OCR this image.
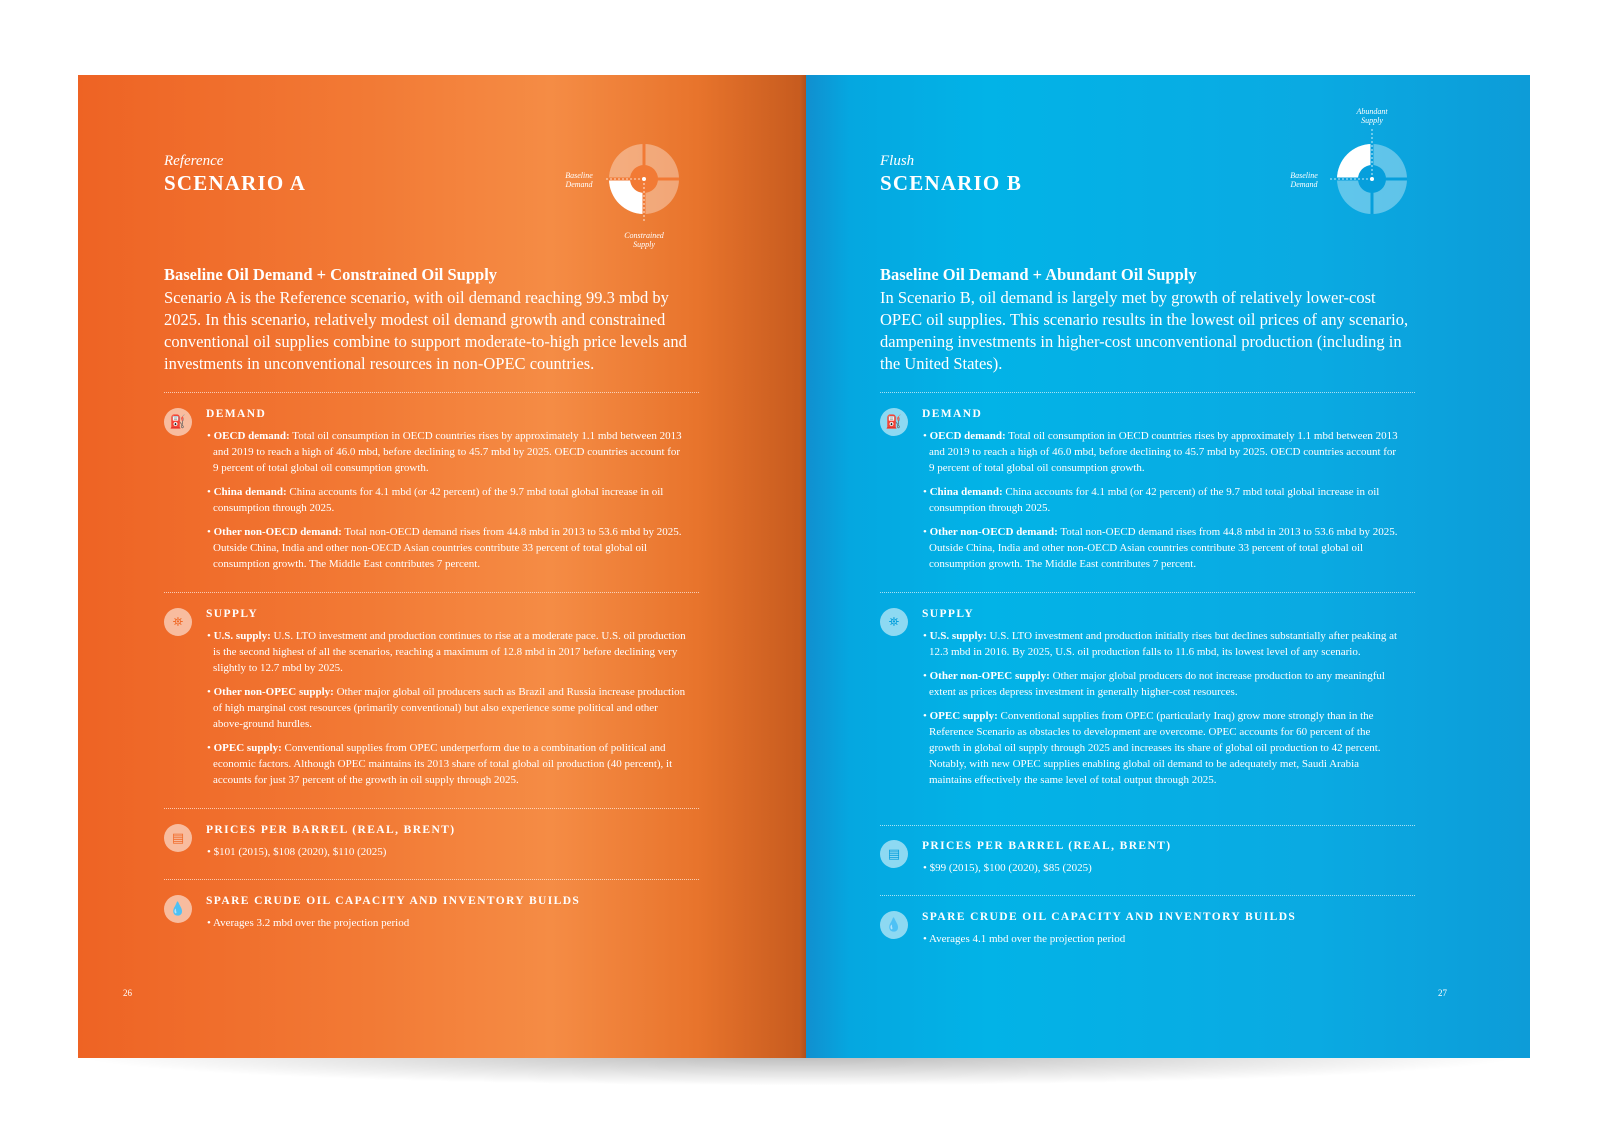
Reference
SCENARIO A	Baseline Demand
Constrained Supply
Baseline Oil Demand + Constrained Oil Supply
Scenario A is the Reference scenario, with oil demand reaching 99.3 mbd by 2025. In this scenario, relatively modest oil demand growth and constrained conventional oil supplies combine to support moderate-to-high price levels and investments in unconventional resources in non-OPEC countries.
⛽	DEMAND
• OECD demand: Total oil consumption in OECD countries rises by approximately 1.1 mbd between 2013 and 2019 to reach a high of 46.0 mbd, before declining to 45.7 mbd by 2025. OECD countries account for 9 percent of total global oil consumption growth.
• China demand: China accounts for 4.1 mbd (or 42 percent) of the 9.7 mbd total global increase in oil consumption through 2025.
• Other non-OECD demand: Total non-OECD demand rises from 44.8 mbd in 2013 to 53.6 mbd by 2025. Outside China, India and other non-OECD Asian countries contribute 33 percent of total global oil consumption growth. The Middle East contributes 7 percent.
⛯	SUPPLY
• U.S. supply: U.S. LTO investment and production continues to rise at a moderate pace. U.S. oil production is the second highest of all the scenarios, reaching a maximum of 12.8 mbd in 2017 before declining very slightly to 12.7 mbd by 2025.
• Other non-OPEC supply: Other major global oil producers such as Brazil and Russia increase production of high marginal cost resources (primarily conventional) but also experience some political and other above-ground hurdles.
• OPEC supply: Conventional supplies from OPEC underperform due to a combination of political and economic factors. Although OPEC maintains its 2013 share of total global oil production (40 percent), it accounts for just 37 percent of the growth in oil supply through 2025.
▤	PRICES PER BARREL (REAL, BRENT)
• $101 (2015), $108 (2020), $110 (2025)
💧	SPARE CRUDE OIL CAPACITY AND INVENTORY BUILDS
• Averages 3.2 mbd over the projection period
26
Flush
SCENARIO B
Abundant Supply
Baseline Demand
Baseline Oil Demand + Abundant Oil Supply
In Scenario B, oil demand is largely met by growth of relatively lower-cost OPEC oil supplies. This scenario results in the lowest oil prices of any scenario, dampening investments in higher-cost unconventional production (including in the United States).
⛽	DEMAND
• OECD demand: Total oil consumption in OECD countries rises by approximately 1.1 mbd between 2013 and 2019 to reach a high of 46.0 mbd, before declining to 45.7 mbd by 2025. OECD countries account for 9 percent of total global oil consumption growth.
• China demand: China accounts for 4.1 mbd (or 42 percent) of the 9.7 mbd total global increase in oil consumption through 2025.
• Other non-OECD demand: Total non-OECD demand rises from 44.8 mbd in 2013 to 53.6 mbd by 2025. Outside China, India and other non-OECD Asian countries contribute 33 percent of total global oil consumption growth. The Middle East contributes 7 percent.
⛯	SUPPLY
• U.S. supply: U.S. LTO investment and production initially rises but declines substantially after peaking at 12.3 mbd in 2016. By 2025, U.S. oil production falls to 11.6 mbd, its lowest level of any scenario.
• Other non-OPEC supply: Other major global producers do not increase production to any meaningful extent as prices depress investment in generally higher-cost resources.
• OPEC supply: Conventional supplies from OPEC (particularly Iraq) grow more strongly than in the Reference Scenario as obstacles to development are overcome. OPEC accounts for 60 percent of the growth in global oil supply through 2025 and increases its share of global oil production to 42 percent. Notably, with new OPEC supplies enabling global oil demand to be adequately met, Saudi Arabia maintains effectively the same level of total output through 2025.
▤	PRICES PER BARREL (REAL, BRENT)
• $99 (2015), $100 (2020), $85 (2025)
💧	SPARE CRUDE OIL CAPACITY AND INVENTORY BUILDS
• Averages 4.1 mbd over the projection period
27
